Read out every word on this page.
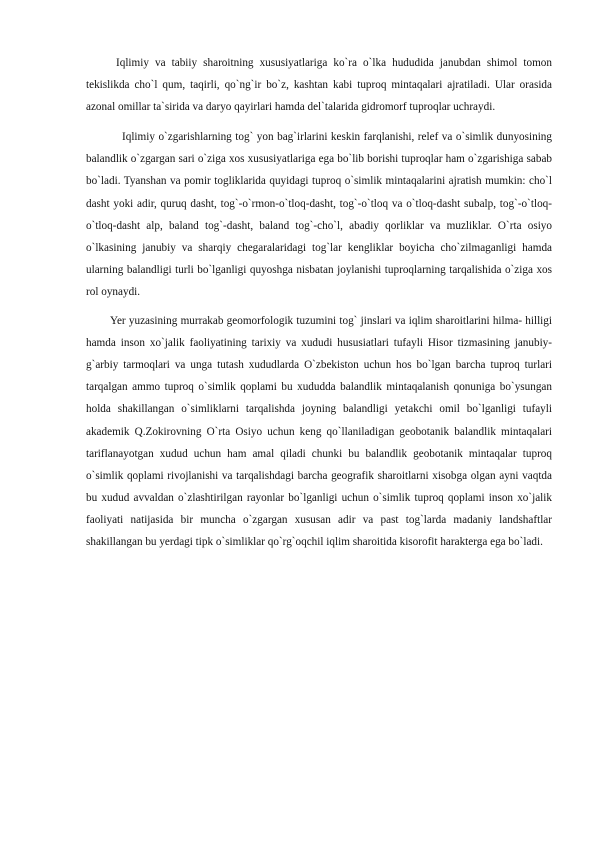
Iqlimiy va tabiiy sharoitning xususiyatlariga ko`ra o`lka hududida janubdan shimol tomon tekislikda cho`l qum, taqirli, qo`ng`ir bo`z, kashtan kabi tuproq mintaqalari ajratiladi. Ular orasida azonal omillar ta`sirida va daryo qayirlari hamda del`talarida gidromorf tuproqlar uchraydi.

Iqlimiy o`zgarishlarning tog` yon bag`irlarini keskin farqlanishi, relef va o`simlik dunyosining balandlik o`zgargan sari o`ziga xos xususiyatlariga ega bo`lib borishi tuproqlar ham o`zgarishiga sabab bo`ladi. Tyanshan va pomir togliklarida quyidagi tuproq o`simlik mintaqalarini ajratish mumkin: cho`l dasht yoki adir, quruq dasht, tog`-o`rmon-o`tloq-dasht, tog`-o`tloq va o`tloq-dasht subalp, tog`-o`tloq-o`tloq-dasht alp, baland tog`-dasht, baland tog`-cho`l, abadiy qorliklar va muzliklar. O`rta osiyo o`lkasining janubiy va sharqiy chegaralaridagi tog`lar kengliklar boyicha cho`zilmaganligi hamda ularning balandligi turli bo`lganligi quyoshga nisbatan joylanishi tuproqlarning tarqalishida o`ziga xos rol oynaydi.

Yer yuzasining murrakab geomorfologik tuzumini tog` jinslari va iqlim sharoitlarini hilma- hilligi hamda inson xo`jalik faoliyatining tarixiy va xududi hususiatlari tufayli Hisor tizmasining janubiy- g`arbiy tarmoqlari va unga tutash xududlarda O`zbekiston uchun hos bo`lgan barcha tuproq turlari tarqalgan ammo tuproq o`simlik qoplami bu xududda balandlik mintaqalanish qonuniga bo`ysungan holda shakillangan o`simliklarni tarqalishda joyning balandligi yetakchi omil bo`lganligi tufayli akademik Q.Zokirovning O`rta Osiyo uchun keng qo`llaniladigan geobotanik balandlik mintaqalari tariflanayotgan xudud uchun ham amal qiladi chunki bu balandlik geobotanik mintaqalar tuproq o`simlik qoplami rivojlanishi va tarqalishdagi barcha geografik sharoitlarni xisobga olgan ayni vaqtda bu xudud avvaldan o`zlashtirilgan rayonlar bo`lganligi uchun o`simlik tuproq qoplami inson xo`jalik faoliyati natijasida bir muncha o`zgargan xususan adir va past tog`larda madaniy landshaftlar shakillangan bu yerdagi tipk o`simliklar qo`rg`oqchil iqlim sharoitida kisorofit harakterga ega bo`ladi.
